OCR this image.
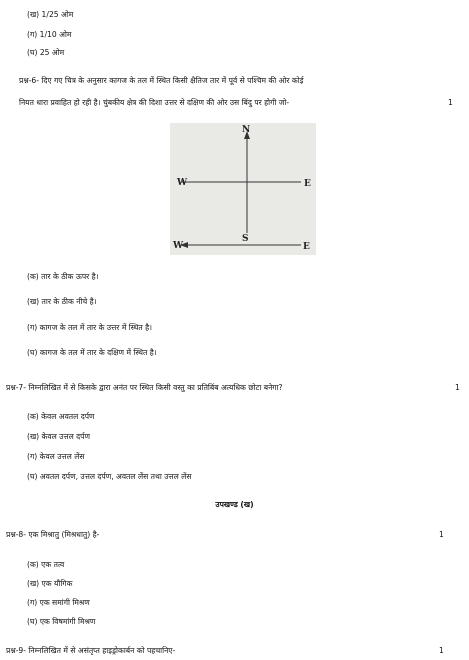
(ख) 1/25 ओम
(ग) 1/10 ओम
(घ) 25 ओम
प्रश्न-6- दिए गए चित्र के अनुसार कागज के तल में स्थित किसी क्षैतिज तार में पूर्व से पश्चिम की ओर कोई
नियत धारा प्रवाहित हो रही है। चुंबकीय क्षेत्र की दिशा उत्तर से दक्षिण की ओर उस बिंदु पर होगी जो-	1
N
S
W	E
W	E
(क) तार के ठीक ऊपर है।
(ख) तार के ठीक नीचे है।
(ग) कागज के तल में तार के उत्तर में स्थित है।
(घ) कागज के तल में तार के दक्षिण में स्थित है।
प्रश्न-7- निम्नलिखित में से किसके द्वारा अनंत पर स्थित किसी वस्तु का प्रतिबिंब अत्यधिक छोटा बनेगा?	1
(क) केवल अवतल दर्पण
(ख) केवल उत्तल दर्पण
(ग) केवल उत्तल लेंस
(घ) अवतल दर्पण, उत्तल दर्पण, अवतल लेंस तथा उत्तल लेंस
उपखण्ड (ख)
प्रश्न-8- एक मिश्रातु (मिश्रधातु) है-	1
(क) एक तत्व
(ख) एक यौगिक
(ग) एक समांगी मिश्रण
(घ) एक विषमांगी मिश्रण
प्रश्न-9- निम्नलिखित में से असंतृप्त हाइड्रोकार्बन को पहचानिए-	1
